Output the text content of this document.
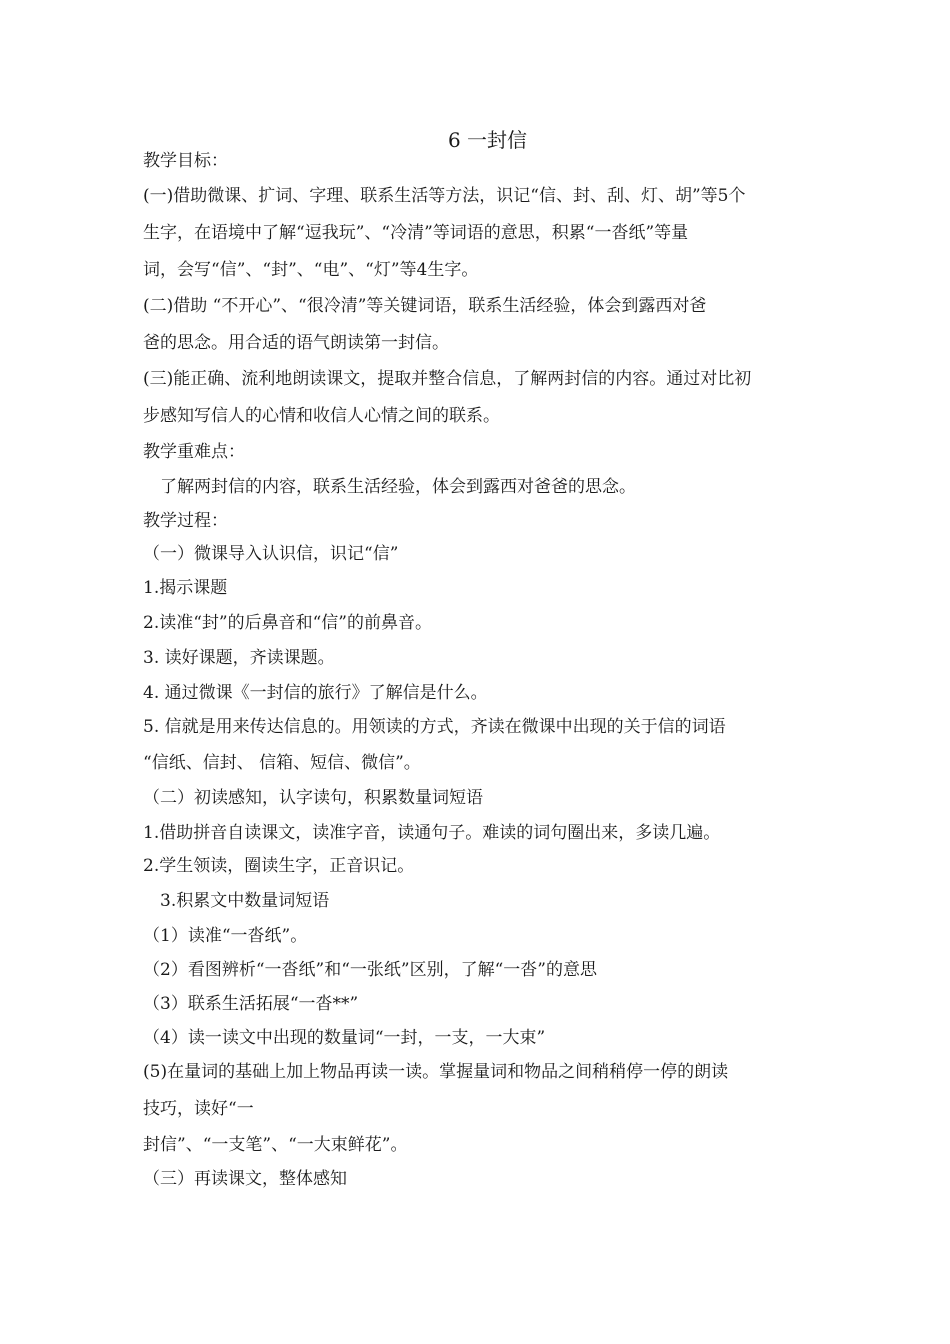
6 一封信
教学目标：
(一)借助微课、扩词、字理、联系生活等方法，识记“信、封、刮、灯、胡”等5个
生字，在语境中了解“逗我玩”、“冷清”等词语的意思，积累“一沓纸”等量
词，会写“信”、“封”、“电”、“灯”等4生字。
(二)借助 “不开心”、“很冷清”等关键词语，联系生活经验，体会到露西对爸
爸的思念。用合适的语气朗读第一封信。
(三)能正确、流利地朗读课文，提取并整合信息，了解两封信的内容。通过对比初
步感知写信人的心情和收信人心情之间的联系。
教学重难点：
了解两封信的内容，联系生活经验，体会到露西对爸爸的思念。
教学过程：
（一）微课导入认识信，识记“信”
1.揭示课题
2.读准“封”的后鼻音和“信”的前鼻音。
3. 读好课题，齐读课题。
4. 通过微课《一封信的旅行》了解信是什么。
5. 信就是用来传达信息的。用领读的方式，齐读在微课中出现的关于信的词语
“信纸、信封、 信箱、短信、微信”。
（二）初读感知，认字读句，积累数量词短语
1.借助拼音自读课文，读准字音，读通句子。难读的词句圈出来，多读几遍。
2.学生领读，圈读生字，正音识记。
3.积累文中数量词短语
（1）读准“一沓纸”。
（2）看图辨析“一沓纸”和“一张纸”区别，了解“一沓”的意思
（3）联系生活拓展“一沓**”
（4）读一读文中出现的数量词“一封，一支，一大束”
(5)在量词的基础上加上物品再读一读。掌握量词和物品之间稍稍停一停的朗读
技巧，读好“一
封信”、“一支笔”、“一大束鲜花”。
（三）再读课文，整体感知
